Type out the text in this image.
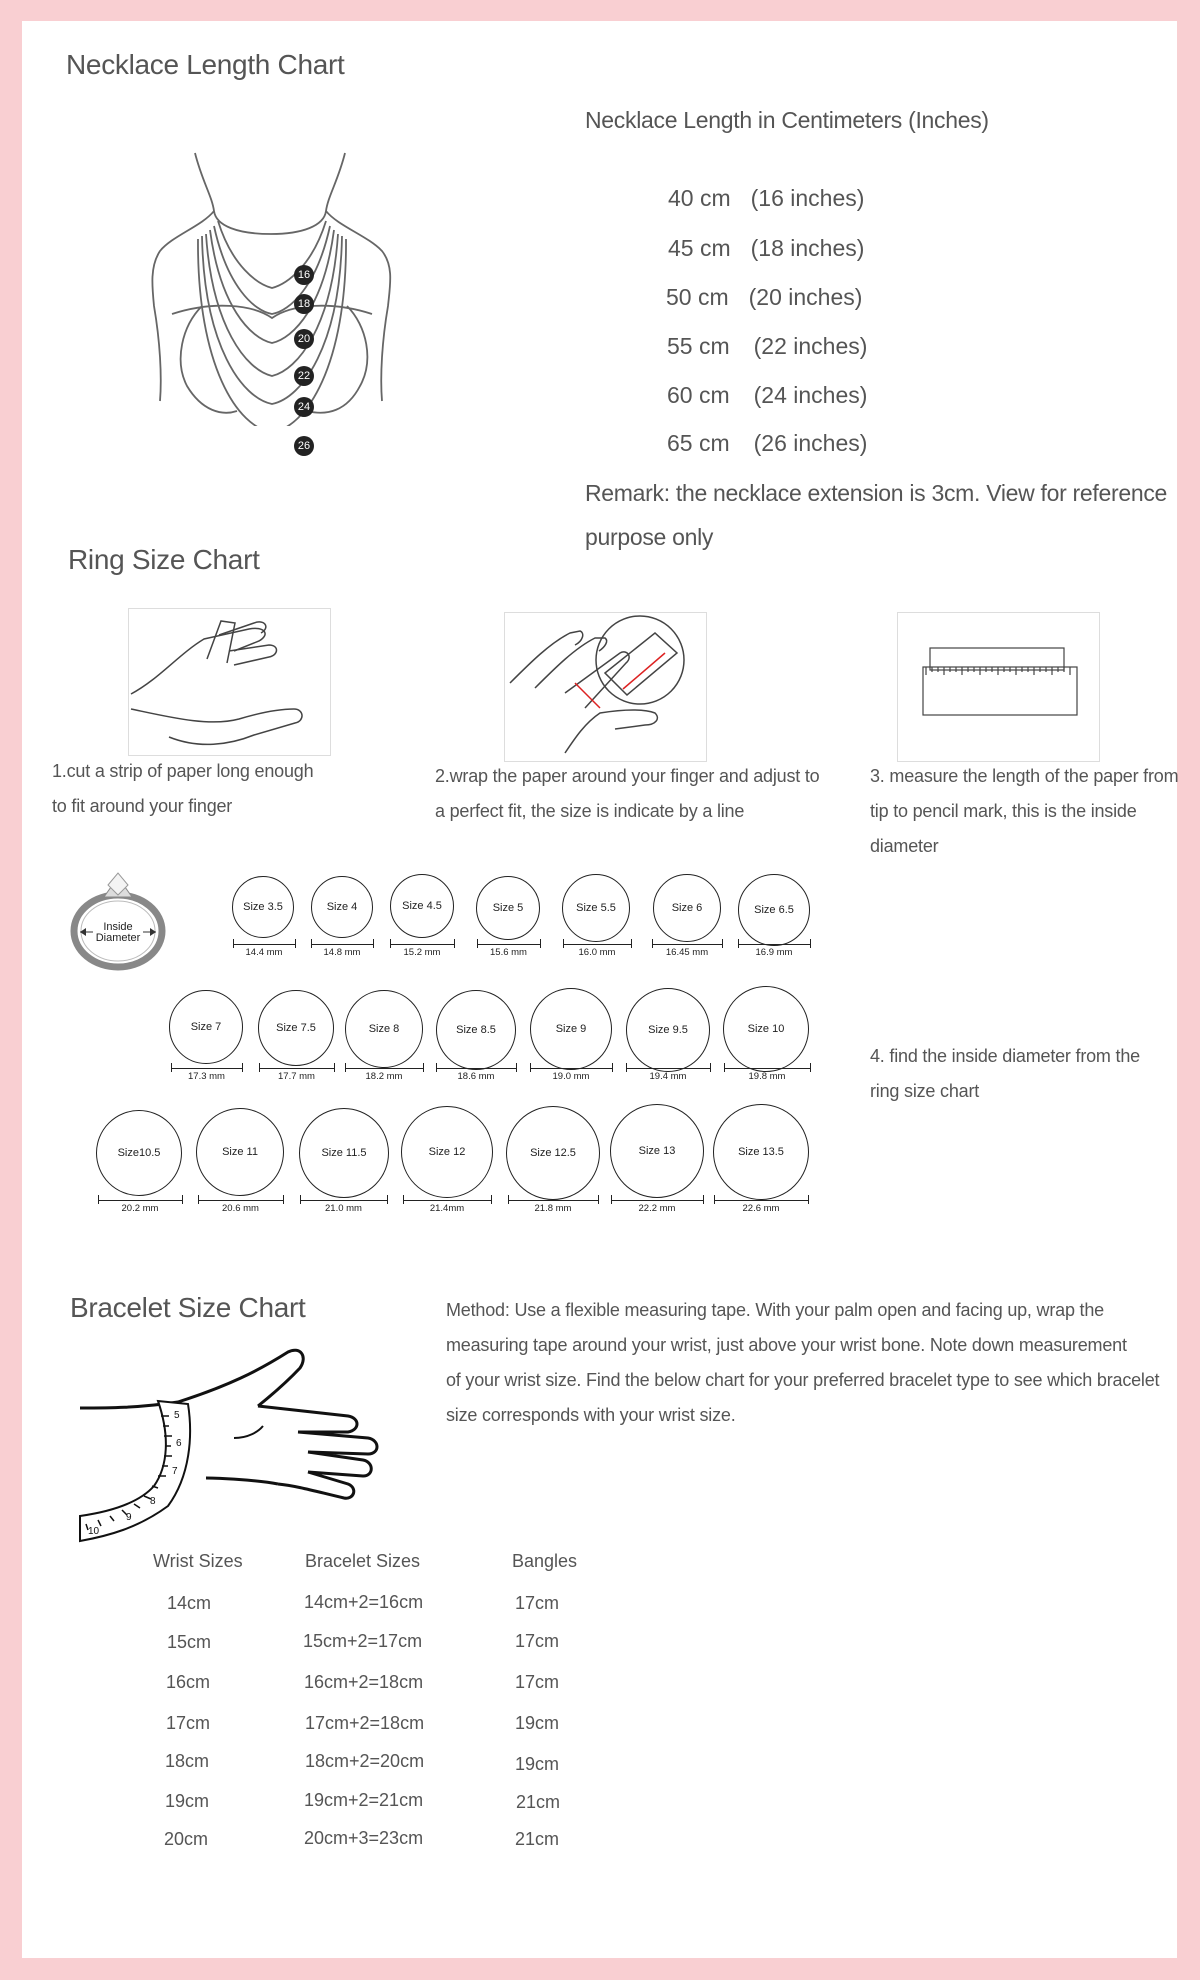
Necklace Length Chart
16
18
20
22
24
26
Necklace Length in Centimeters (Inches)
40 cm (16 inches)
45 cm (18 inches)
50 cm (20 inches)
55 cm (22 inches)
60 cm (24 inches)
65 cm (26 inches)
Remark: the necklace extension is 3cm. View for reference
purpose only
Ring Size Chart
1.cut a strip of paper long enough
to fit around your finger
2.wrap the paper around your finger and adjust to
a perfect fit, the size is indicate by a line
3. measure the length of the paper from
tip to pencil mark, this is the inside
diameter
Inside
Diameter
Size 3.5
14.4 mm
Size 4
14.8 mm
Size 4.5
15.2 mm
Size 5
15.6 mm
Size 5.5
16.0 mm
Size 6
16.45 mm
Size 6.5
16.9 mm
Size 7
17.3 mm
Size 7.5
17.7 mm
Size 8
18.2 mm
Size 8.5
18.6 mm
Size 9
19.0 mm
Size 9.5
19.4 mm
Size 10
19.8 mm
Size10.5
20.2 mm
Size 11
20.6 mm
Size 11.5
21.0 mm
Size 12
21.4mm
Size 12.5
21.8 mm
Size 13
22.2 mm
Size 13.5
22.6 mm
4. find the inside diameter from the
ring size chart
Bracelet Size Chart	Method: Use a flexible measuring tape. With your palm open and facing up, wrap the
measuring tape around your wrist, just above your wrist bone. Note down measurement
of your wrist size. Find the below chart for your preferred bracelet type to see which bracelet
size corresponds with your wrist size.
5
6
7
8
9
10
Wrist Sizes	Bracelet Sizes	Bangles
14cm	14cm+2=16cm	17cm
15cm	15cm+2=17cm	17cm
16cm	16cm+2=18cm	17cm
17cm	17cm+2=18cm	19cm
18cm	18cm+2=20cm	19cm
19cm	19cm+2=21cm	21cm
20cm	20cm+3=23cm	21cm
